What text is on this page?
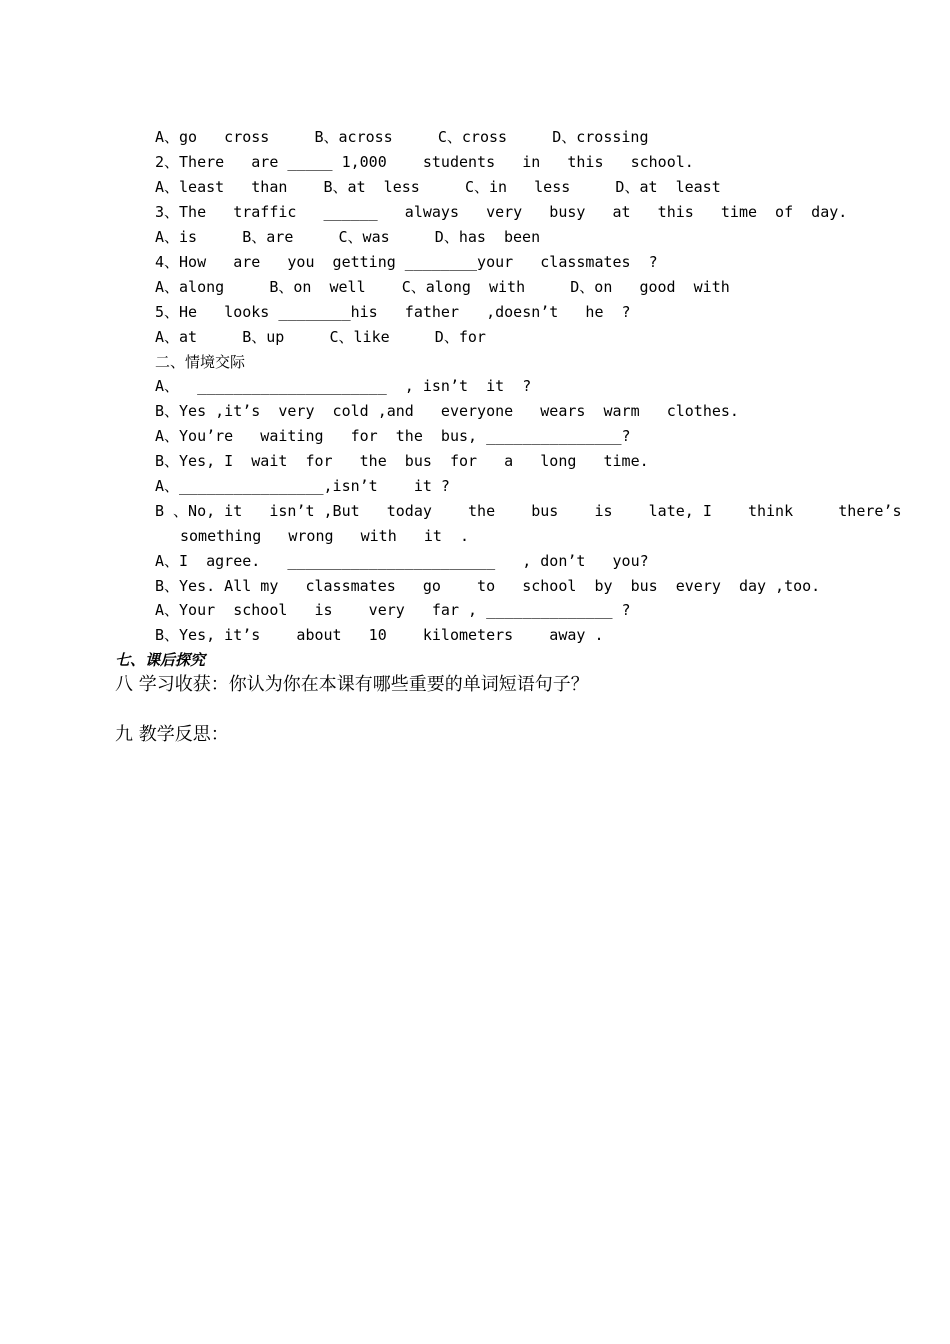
A、go   cross     B、across     C、cross     D、crossing
2、There   are _____ 1,000    students   in   this   school.
A、least   than    B、at  less     C、in   less     D、at  least
3、The   traffic   ______   always   very   busy   at   this   time  of  day.
A、is     B、are     C、was     D、has  been
4、How   are   you  getting ________your   classmates  ?
A、along     B、on  well    C、along  with     D、on   good  with
5、He   looks ________his   father   ,doesn’t   he  ?
A、at     B、up     C、like     D、for
二、情境交际
A、  _____________________  , isn’t  it  ?
B、Yes ,it’s  very  cold ,and   everyone   wears  warm   clothes.
A、You’re   waiting   for  the  bus, _______________?
B、Yes, I  wait  for   the  bus  for   a   long   time.
A、________________,isn’t    it ?
B 、No, it   isn’t ,But   today    the    bus    is    late, I    think     there’s
something   wrong   with   it  .
A、I  agree.   _______________________   , don’t   you?
B、Yes. All my   classmates   go    to   school  by  bus  every  day ,too.
A、Your  school   is    very   far , ______________ ?
B、Yes, it’s    about   10    kilometers    away .
七、课后探究
八 学习收获：你认为你在本课有哪些重要的单词短语句子？
九 教学反思：
